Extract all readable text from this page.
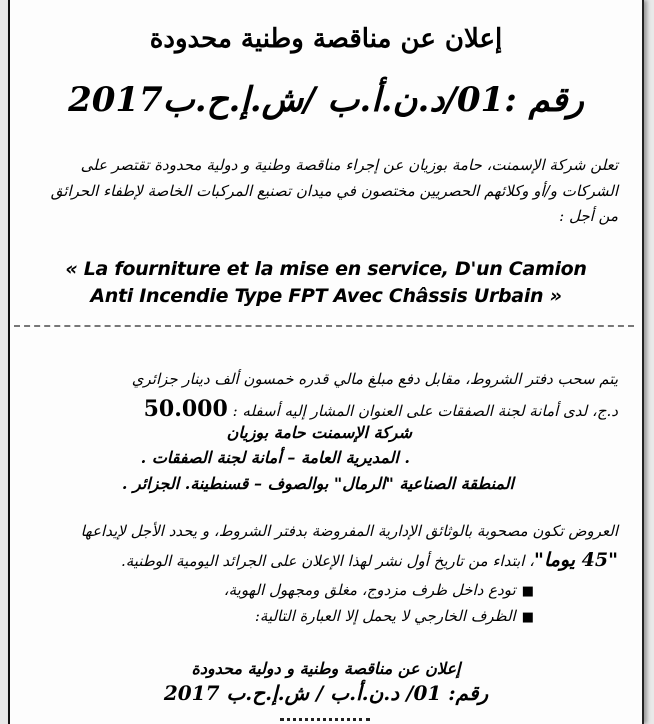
إعلان عن مناقصة وطنية محدودة
رقم :01/د.ن.أ.ب /ش.إ.ح.ب2017
تعلن شركة الإسمنت، حامة بوزيان عن إجراء مناقصة وطنية و دولية محدودة تقتصر على
الشركات و/أو وكلائهم الحصريين مختصون في ميدان تصنيع المركبات الخاصة لإطفاء الحرائق
من أجل :
« La fourniture et la mise en service, D'un Camion
Anti Incendie Type FPT Avec Châssis Urbain »
يتم سحب دفتر الشروط، مقابل دفع مبلغ مالي قدره خمسون ألف دينار جزائري
د.ج، لدى أمانة لجنة الصفقات على العنوان المشار إليه أسفله : 50.000
شركة الإسمنت حامة بوزيان
. المديرية العامة – أمانة لجنة الصفقات .
المنطقة الصناعية "الرمال" بوالصوف – قسنطينة. الجزائر .
العروض تكون مصحوبة بالوثائق الإدارية المفروضة بدفتر الشروط، و يحدد الأجل لإيداعها
"45 يوما"، ابتداء من تاريخ أول نشر لهذا الإعلان على الجرائد اليومية الوطنية.
■تودع داخل ظرف مزدوج، مغلق ومجهول الهوية،
■الظرف الخارجي لا يحمل إلا العبارة التالية:
إعلان عن مناقصة وطنية و دولية محدودة
رقم: 01/ د.ن.أ.ب / ش.إ.ح.ب 2017
